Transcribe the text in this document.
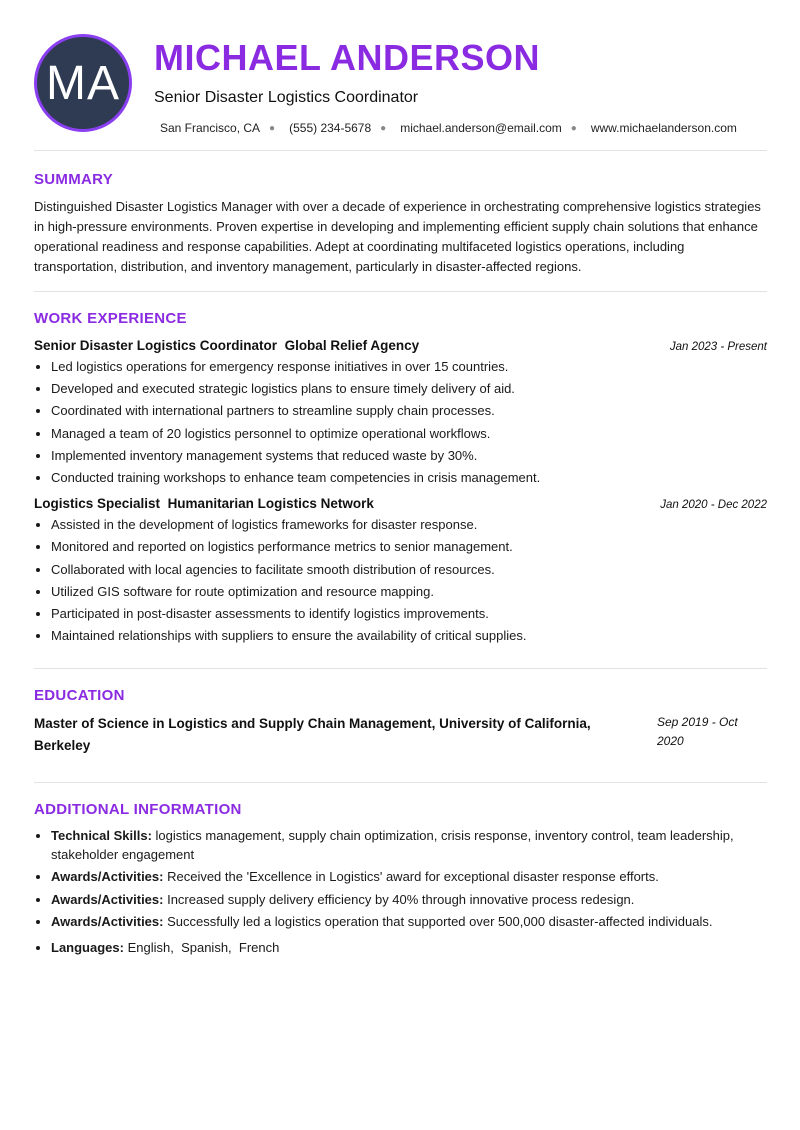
MA MICHAEL ANDERSON
Senior Disaster Logistics Coordinator
San Francisco, CA ● (555) 234-5678 ● michael.anderson@email.com ● www.michaelanderson.com
SUMMARY

Distinguished Disaster Logistics Manager with over a decade of experience in orchestrating comprehensive logistics strategies in high-pressure environments. Proven expertise in developing and implementing efficient supply chain solutions that enhance operational readiness and response capabilities. Adept at coordinating multifaceted logistics operations, including transportation, distribution, and inventory management, particularly in disaster-affected regions.

WORK EXPERIENCE
Senior Disaster Logistics Coordinator Global Relief Agency	Jan 2023 - Present
• Led logistics operations for emergency response initiatives in over 15 countries.
• Developed and executed strategic logistics plans to ensure timely delivery of aid.
• Coordinated with international partners to streamline supply chain processes.
• Managed a team of 20 logistics personnel to optimize operational workflows.
• Implemented inventory management systems that reduced waste by 30%.
• Conducted training workshops to enhance team competencies in crisis management.
Logistics Specialist Humanitarian Logistics Network	Jan 2020 - Dec 2022
• Assisted in the development of logistics frameworks for disaster response.
• Monitored and reported on logistics performance metrics to senior management.
• Collaborated with local agencies to facilitate smooth distribution of resources.
• Utilized GIS software for route optimization and resource mapping.
• Participated in post-disaster assessments to identify logistics improvements.
• Maintained relationships with suppliers to ensure the availability of critical supplies.
EDUCATION
Master of Science in Logistics and Supply Chain Management, University of California, Berkeley
Sep 2019 - Oct 2020
ADDITIONAL INFORMATION
• Technical Skills: logistics management, supply chain optimization, crisis response, inventory control, team leadership, stakeholder engagement
• Awards/Activities: Received the 'Excellence in Logistics' award for exceptional disaster response efforts.
• Awards/Activities: Increased supply delivery efficiency by 40% through innovative process redesign.
• Awards/Activities: Successfully led a logistics operation that supported over 500,000 disaster-affected individuals.
• Languages: English,  Spanish,  French
